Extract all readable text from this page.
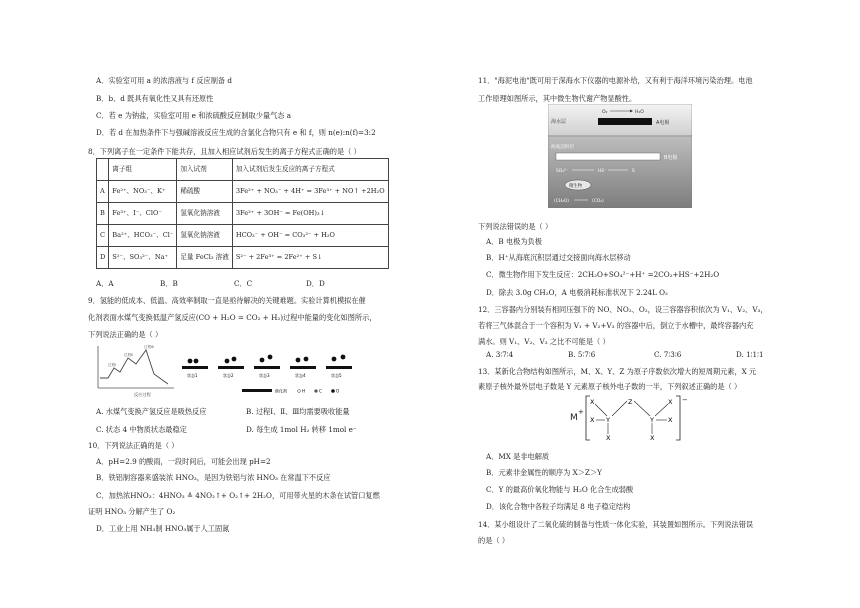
A．实验室可用 a 的浓溶液与 f 反应制备 d
B．b、d 既具有氧化性又具有还原性
C．若 e 为钠盐，实验室可用 e 和浓硫酸反应制取少量气态 a
D．若 d 在加热条件下与强碱溶液反应生成的含氯化合物只有 e 和 f，则 n(e):n(f)=3:2
8．下列离子在一定条件下能共存，且加入相应试剂后发生的离子方程式正确的是（ ）
	离子组	加入试剂	加入试剂后发生反应的离子方程式
A	Fe²⁺、NO₃⁻、K⁺	稀硫酸	3Fe²⁺ + NO₃⁻ + 4H⁺ = 3Fe³⁺ + NO↑ +2H₂O
B	Fe³⁺、I⁻、ClO⁻	氢氧化钠溶液	3Fe³⁺ + 3OH⁻ = Fe(OH)₃↓
C	Ba²⁺、HCO₃⁻、Cl⁻	氢氧化钠溶液	HCO₃⁻ + OH⁻ = CO₃²⁻ + H₂O
D	S²⁻、SO₃²⁻、Na⁺	足量 FeCl₃ 溶液	S²⁻ + 2Fe³⁺ = 2Fe²⁺ + S↓
A．A	B．B	C．C	D．D
9．氢能的低成本、低温、高效率制取一直是亟待解决的关键难题。实验计算机模拟在催
化剂表面水煤气变换低温产氢反应(CO + H₂O = CO₂ + H₂)过程中能量的变化如图所示，
下列说法正确的是（ ）
反应过程
过程Ⅰ
过程Ⅱ
过程Ⅲ
状态1	状态2	状态3	状态4	状态5
催化剂	H	C	O
A. 水煤气变换产氢反应是吸热反应	B. 过程Ⅰ、Ⅱ、Ⅲ均需要吸收能量
C. 状态 4 中物质状态最稳定	D. 每生成 1mol H₂ 转移 1mol e⁻
10．下列说法正确的是（ ）
A．pH=2.9 的酸雨，一段时间后，可能会出现 pH=2
B．铁铝制容器来盛装浓 HNO₃，是因为铁铝与浓 HNO₃ 在常温下不反应
C．加热浓HNO₃：4HNO₃ ≜ 4NO₂↑+ O₂↑+ 2H₂O，可用带火星的木条在试管口复燃
证明 HNO₃ 分解产生了 O₂
D．工业上用 NH₃制 HNO₃属于人工固氮
11．"海泥电池"既可用于深海水下仪器的电源补给，又有利于海洋环境污染治理。电池
工作原理如图所示，其中微生物代谢产物显酸性。
海水层	A电极
O₂	H₂O
海底沉积层
B电极
SO₄²⁻	HS⁻	S
微生物
(CH₂O)	(CO₂)
下列说法错误的是（ ）
A．B 电极为负极
B．H⁺从海底沉积层通过交接面向海水层移动
C．微生物作用下发生反应：2CH₂O+SO₄²⁻+H⁺ =2CO₂+HS⁻+2H₂O
D．除去 3.0g CH₂O，A 电极消耗标准状况下 2.24L O₂
12．三容器内分别装有相同压强下的 NO、NO₂、O₂，设三容器容积依次为 V₁、V₂、V₃，
若将三气体混合于一个容积为 V₁ + V₂+V₃ 的容器中后，倒立于水槽中，最终容器内充
满水。则 V₁、V₂、V₃ 之比不可能是（ ）
A. 3∶7∶4	B. 5∶7∶6	C. 7∶3∶6	D. 1∶1∶1
13．某新化合物结构如图所示，M、X、Y、Z 为原子序数依次增大的短周期元素，X 元
素原子核外最外层电子数是 Y 元素原子核外电子数的一半，下列叙述正确的是（ ）
M
+
−
X
X Y
X
Z
Y
X
X
X
A．MX 是非电解质
B．元素非金属性的顺序为 X＞Z＞Y
C．Y 的最高价氧化物能与 H₂O 化合生成弱酸
D．该化合物中各粒子均满足 8 电子稳定结构
14．某小组设计了二氧化硫的制备与性质一体化实验，其装置如图所示。下列说法错误
的是（ ）
